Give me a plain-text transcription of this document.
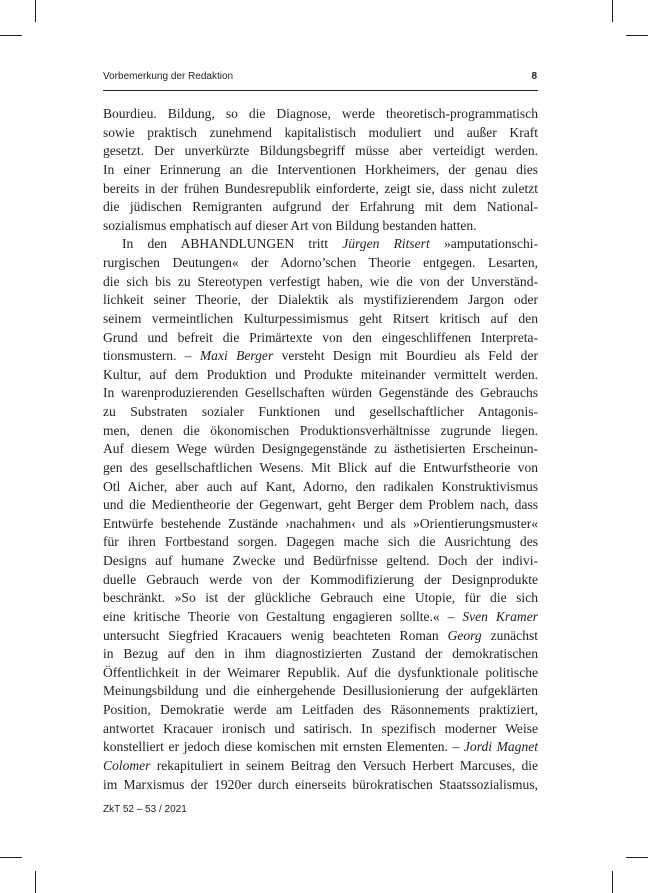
Vorbemerkung der Redaktion	8
Bourdieu. Bildung, so die Diagnose, werde theoretisch-programmatisch
sowie praktisch zunehmend kapitalistisch moduliert und außer Kraft
gesetzt. Der unverkürzte Bildungsbegriff müsse aber verteidigt werden.
In einer Erinnerung an die Interventionen Horkheimers, der genau dies
bereits in der frühen Bundesrepublik einforderte, zeigt sie, dass nicht zuletzt
die jüdischen Remigranten aufgrund der Erfahrung mit dem National-
sozialismus emphatisch auf dieser Art von Bildung bestanden hatten.
In den ABHANDLUNGEN tritt Jürgen Ritsert »amputationschi-
rurgischen Deutungen« der Adorno’schen Theorie entgegen. Lesarten,
die sich bis zu Stereotypen verfestigt haben, wie die von der Unverständ-
lichkeit seiner Theorie, der Dialektik als mystifizierendem Jargon oder
seinem vermeintlichen Kulturpessimismus geht Ritsert kritisch auf den
Grund und befreit die Primärtexte von den eingeschliffenen Interpreta-
tionsmustern. – Maxi Berger versteht Design mit Bourdieu als Feld der
Kultur, auf dem Produktion und Produkte miteinander vermittelt werden.
In warenproduzierenden Gesellschaften würden Gegenstände des Gebrauchs
zu Substraten sozialer Funktionen und gesellschaftlicher Antagonis-
men, denen die ökonomischen Produktionsverhältnisse zugrunde liegen.
Auf diesem Wege würden Designgegenstände zu ästhetisierten Erscheinun-
gen des gesellschaftlichen Wesens. Mit Blick auf die Entwurfstheorie von
Otl Aicher, aber auch auf Kant, Adorno, den radikalen Konstruktivismus
und die Medientheorie der Gegenwart, geht Berger dem Problem nach, dass
Entwürfe bestehende Zustände ›nachahmen‹ und als »Orientierungsmuster«
für ihren Fortbestand sorgen. Dagegen mache sich die Ausrichtung des
Designs auf humane Zwecke und Bedürfnisse geltend. Doch der indivi-
duelle Gebrauch werde von der Kommodifizierung der Designprodukte
beschränkt. »So ist der glückliche Gebrauch eine Utopie, für die sich
eine kritische Theorie von Gestaltung engagieren sollte.« – Sven Kramer
untersucht Siegfried Kracauers wenig beachteten Roman Georg zunächst
in Bezug auf den in ihm diagnostizierten Zustand der demokratischen
Öffentlichkeit in der Weimarer Republik. Auf die dysfunktionale politische
Meinungsbildung und die einhergehende Desillusionierung der aufgeklärten
Position, Demokratie werde am Leitfaden des Räsonnements praktiziert,
antwortet Kracauer ironisch und satirisch. In spezifisch moderner Weise
konstelliert er jedoch diese komischen mit ernsten Elementen. – Jordi Magnet
Colomer rekapituliert in seinem Beitrag den Versuch Herbert Marcuses, die
im Marxismus der 1920er durch einerseits bürokratischen Staatssozialismus,
ZkT 52 – 53 / 2021
